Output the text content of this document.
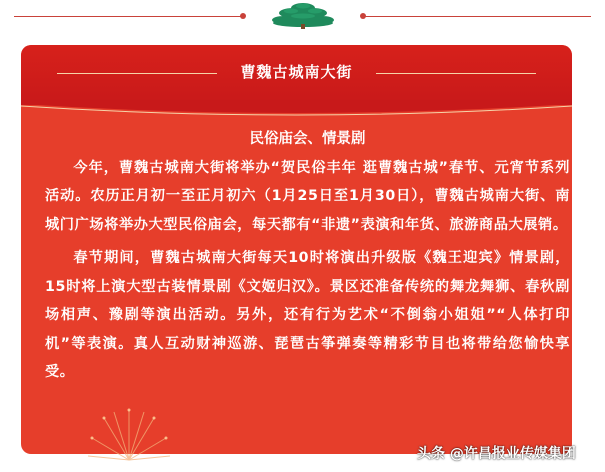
曹魏古城南大街
民俗庙会、情景剧

今年，曹魏古城南大街将举办“贺民俗丰年 逛曹魏古城”春节、元宵节系列活动。农历正月初一至正月初六（1月25日至1月30日），曹魏古城南大街、南城门广场将举办大型民俗庙会，每天都有“非遗”表演和年货、旅游商品大展销。

春节期间，曹魏古城南大街每天10时将演出升级版《魏王迎宾》情景剧，15时将上演大型古装情景剧《文姬归汉》。景区还准备传统的舞龙舞狮、春秋剧场相声、豫剧等演出活动。另外，还有行为艺术“不倒翁小姐姐”“人体打印机”等表演。真人互动财神巡游、琵琶古筝弹奏等精彩节目也将带给您愉快享受。

头条 @许昌报业传媒集团
